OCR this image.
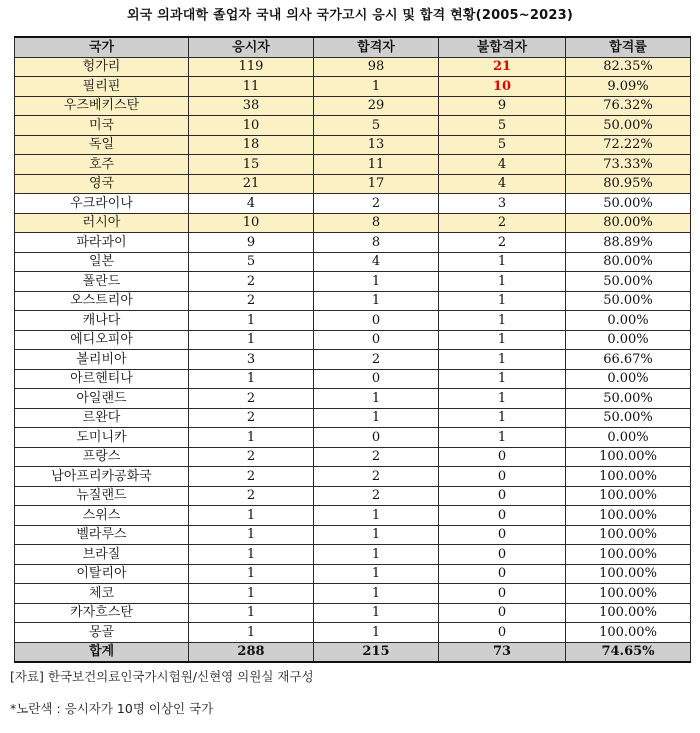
외국 의과대학 졸업자 국내 의사 국가고시 응시 및 합격 현황(2005~2023)
국가	응시자	합격자	불합격자	합격률
헝가리	119	98	21	82.35%
필리핀	11	1	10	9.09%
우즈베키스탄	38	29	9	76.32%
미국	10	5	5	50.00%
독일	18	13	5	72.22%
호주	15	11	4	73.33%
영국	21	17	4	80.95%
우크라이나	4	2	3	50.00%
러시아	10	8	2	80.00%
파라과이	9	8	2	88.89%
일본	5	4	1	80.00%
폴란드	2	1	1	50.00%
오스트리아	2	1	1	50.00%
캐나다	1	0	1	0.00%
에디오피아	1	0	1	0.00%
볼리비아	3	2	1	66.67%
아르헨티나	1	0	1	0.00%
아일랜드	2	1	1	50.00%
르완다	2	1	1	50.00%
도미니카	1	0	1	0.00%
프랑스	2	2	0	100.00%
남아프리카공화국	2	2	0	100.00%
뉴질랜드	2	2	0	100.00%
스위스	1	1	0	100.00%
벨라루스	1	1	0	100.00%
브라질	1	1	0	100.00%
이탈리아	1	1	0	100.00%
체코	1	1	0	100.00%
카자흐스탄	1	1	0	100.00%
몽골	1	1	0	100.00%
합계	288	215	73	74.65%
[자료] 한국보건의료인국가시험원/신현영 의원실 재구성
*노란색 : 응시자가 10명 이상인 국가
